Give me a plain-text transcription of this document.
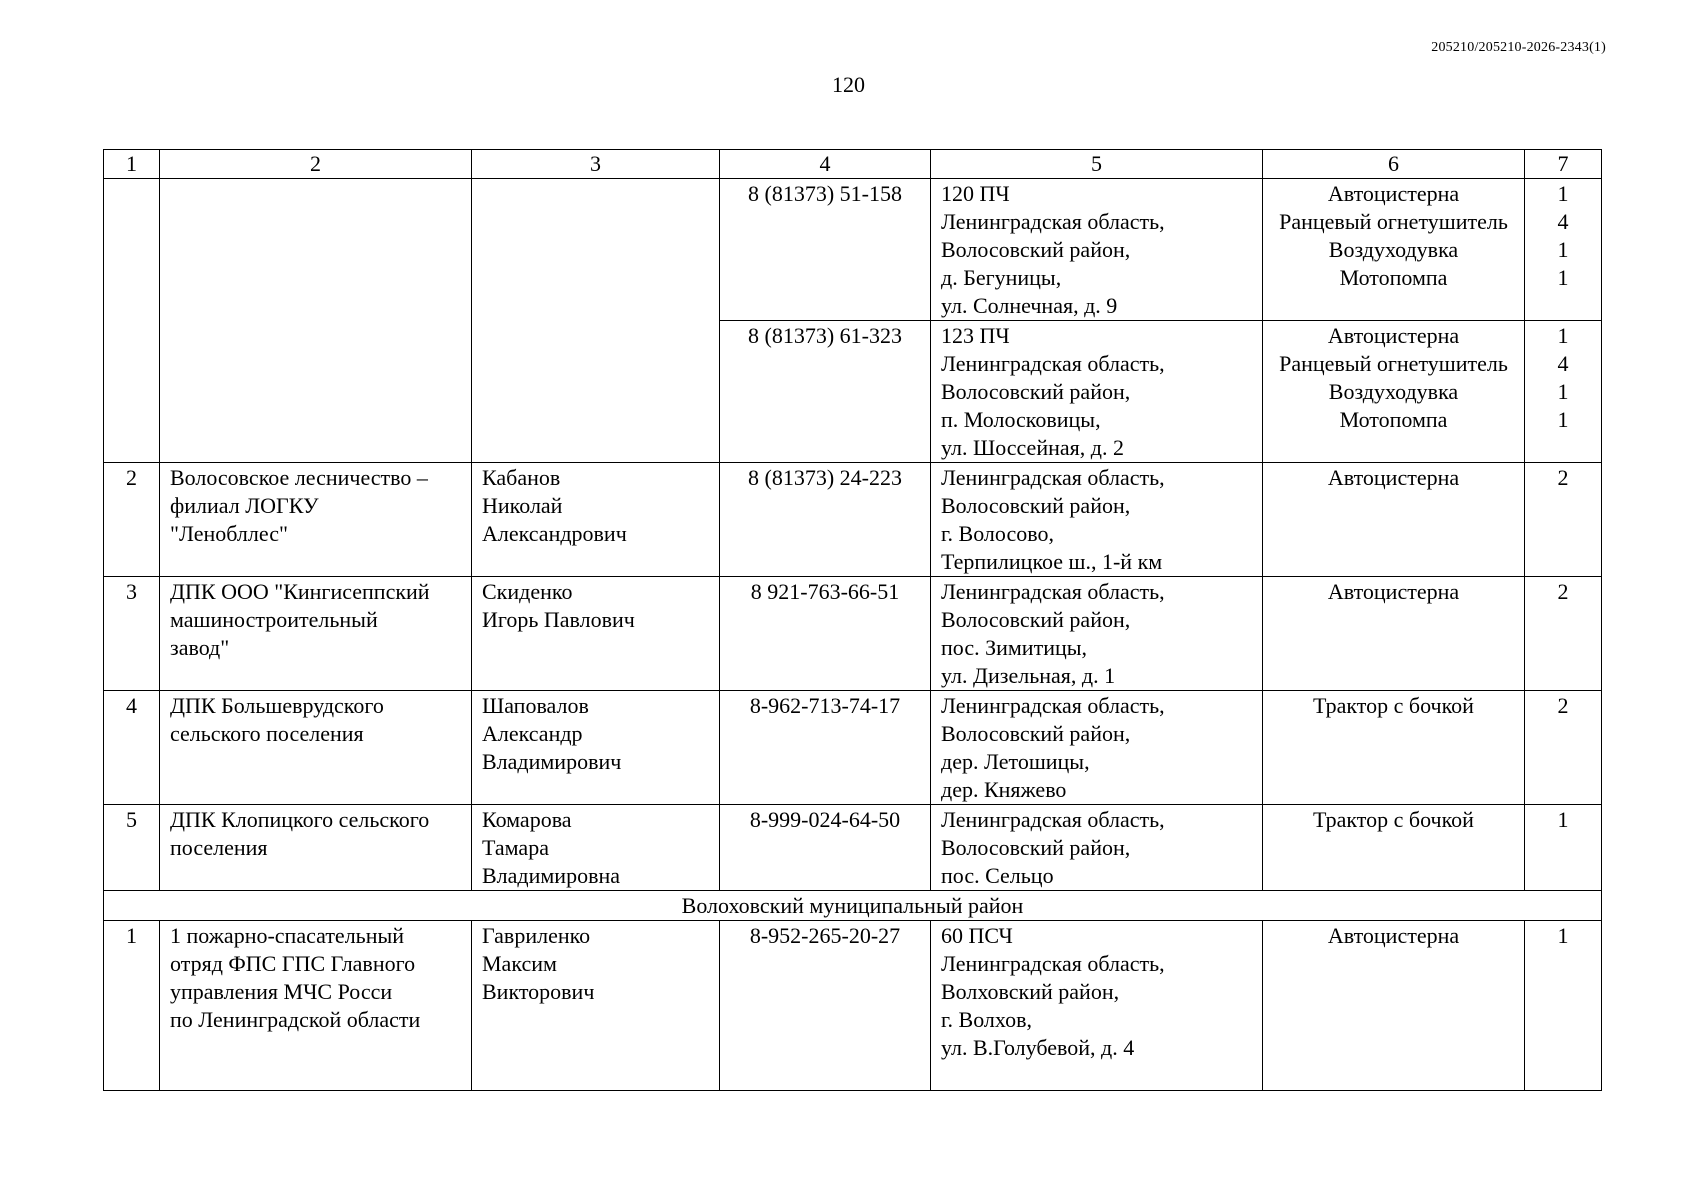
205210/205210-2026-2343(1)
120
1	2	3	4	5	6	7
			8 (81373) 51-158	120 ПЧ
Ленинградская область,
Волосовский район,
д. Бегуницы,
ул. Солнечная, д. 9	Автоцистерна
Ранцевый огнетушитель
Воздуходувка
Мотопомпа	1
4
1
1

			8 (81373) 61-323	123 ПЧ
Ленинградская область,
Волосовский район,
п. Молосковицы,
ул. Шоссейная, д. 2	Автоцистерна
Ранцевый огнетушитель
Воздуходувка
Мотопомпа	1
4
1
1

2	Волосовское лесничество –
филиал ЛОГКУ
"Ленобллес"	Кабанов
Николай
Александрович	8 (81373) 24-223	Ленинградская область,
Волосовский район,
г. Волосово,
Терпилицкое ш., 1-й км	Автоцистерна	2

3	ДПК ООО "Кингисеппский
машиностроительный
завод"	Скиденко
Игорь Павлович	8 921-763-66-51	Ленинградская область,
Волосовский район,
пос. Зимитицы,
ул. Дизельная, д. 1	Автоцистерна	2

4	ДПК Большеврудского
сельского поселения	Шаповалов
Александр
Владимирович	8-962-713-74-17	Ленинградская область,
Волосовский район,
дер. Летошицы,
дер. Княжево	Трактор с бочкой	2

5	ДПК Клопицкого сельского
поселения	Комарова
Тамара
Владимировна	8-999-024-64-50	Ленинградская область,
Волосовский район,
пос. Сельцо	Трактор с бочкой	1

Волоховский муниципальный район						
1	1 пожарно-спасательный
отряд ФПС ГПС Главного
управления МЧС Росси
по Ленинградской области	Гавриленко
Максим
Викторович	8-952-265-20-27	60 ПСЧ
Ленинградская область,
Волховский район,
г. Волхов,
ул. В.Голубевой, д. 4	Автоцистерна	1
